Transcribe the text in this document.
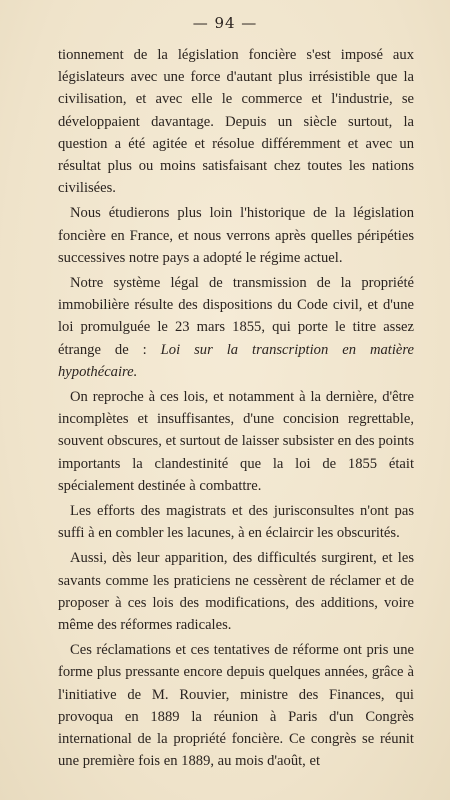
— 94 —

tionnement de la législation foncière s'est imposé aux législateurs avec une force d'autant plus irrésistible que la civilisation, et avec elle le commerce et l'industrie, se développaient davantage. Depuis un siècle surtout, la question a été agitée et résolue différemment et avec un résultat plus ou moins satisfaisant chez toutes les nations civilisées.

Nous étudierons plus loin l'historique de la législation foncière en France, et nous verrons après quelles péripéties successives notre pays a adopté le régime actuel.

Notre système légal de transmission de la propriété immobilière résulte des dispositions du Code civil, et d'une loi promulguée le 23 mars 1855, qui porte le titre assez étrange de : Loi sur la transcription en matière hypothécaire.

On reproche à ces lois, et notamment à la dernière, d'être incomplètes et insuffisantes, d'une concision regrettable, souvent obscures, et surtout de laisser subsister en des points importants la clandestinité que la loi de 1855 était spécialement destinée à combattre.

Les efforts des magistrats et des jurisconsultes n'ont pas suffi à en combler les lacunes, à en éclaircir les obscurités.

Aussi, dès leur apparition, des difficultés surgirent, et les savants comme les praticiens ne cessèrent de réclamer et de proposer à ces lois des modifications, des additions, voire même des réformes radicales.

Ces réclamations et ces tentatives de réforme ont pris une forme plus pressante encore depuis quelques années, grâce à l'initiative de M. Rouvier, ministre des Finances, qui provoqua en 1889 la réunion à Paris d'un Congrès international de la propriété foncière. Ce congrès se réunit une première fois en 1889, au mois d'août, et
